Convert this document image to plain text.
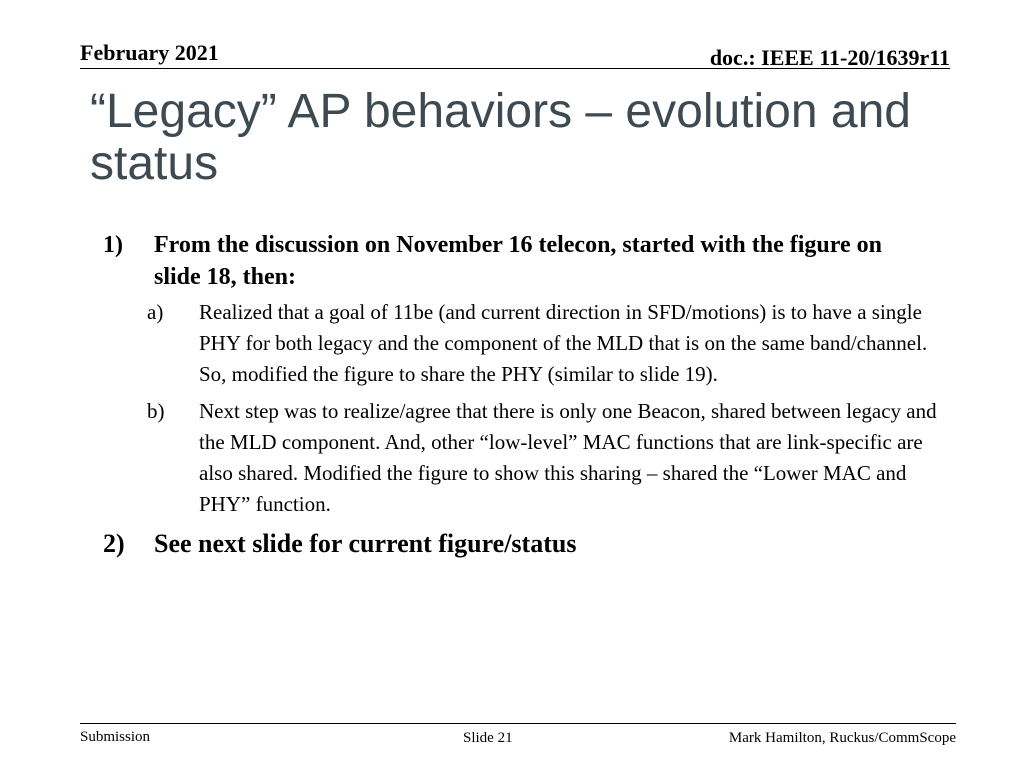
February 2021	doc.: IEEE 11-20/1639r11
“Legacy” AP behaviors – evolution and status
1) From the discussion on November 16 telecon, started with the figure on slide 18, then:
a) Realized that a goal of 11be (and current direction in SFD/motions) is to have a single PHY for both legacy and the component of the MLD that is on the same band/channel. So, modified the figure to share the PHY (similar to slide 19).
b) Next step was to realize/agree that there is only one Beacon, shared between legacy and the MLD component. And, other “low-level” MAC functions that are link-specific are also shared. Modified the figure to show this sharing – shared the “Lower MAC and PHY” function.
2) See next slide for current figure/status
Submission	Slide 21	Mark Hamilton, Ruckus/CommScope
